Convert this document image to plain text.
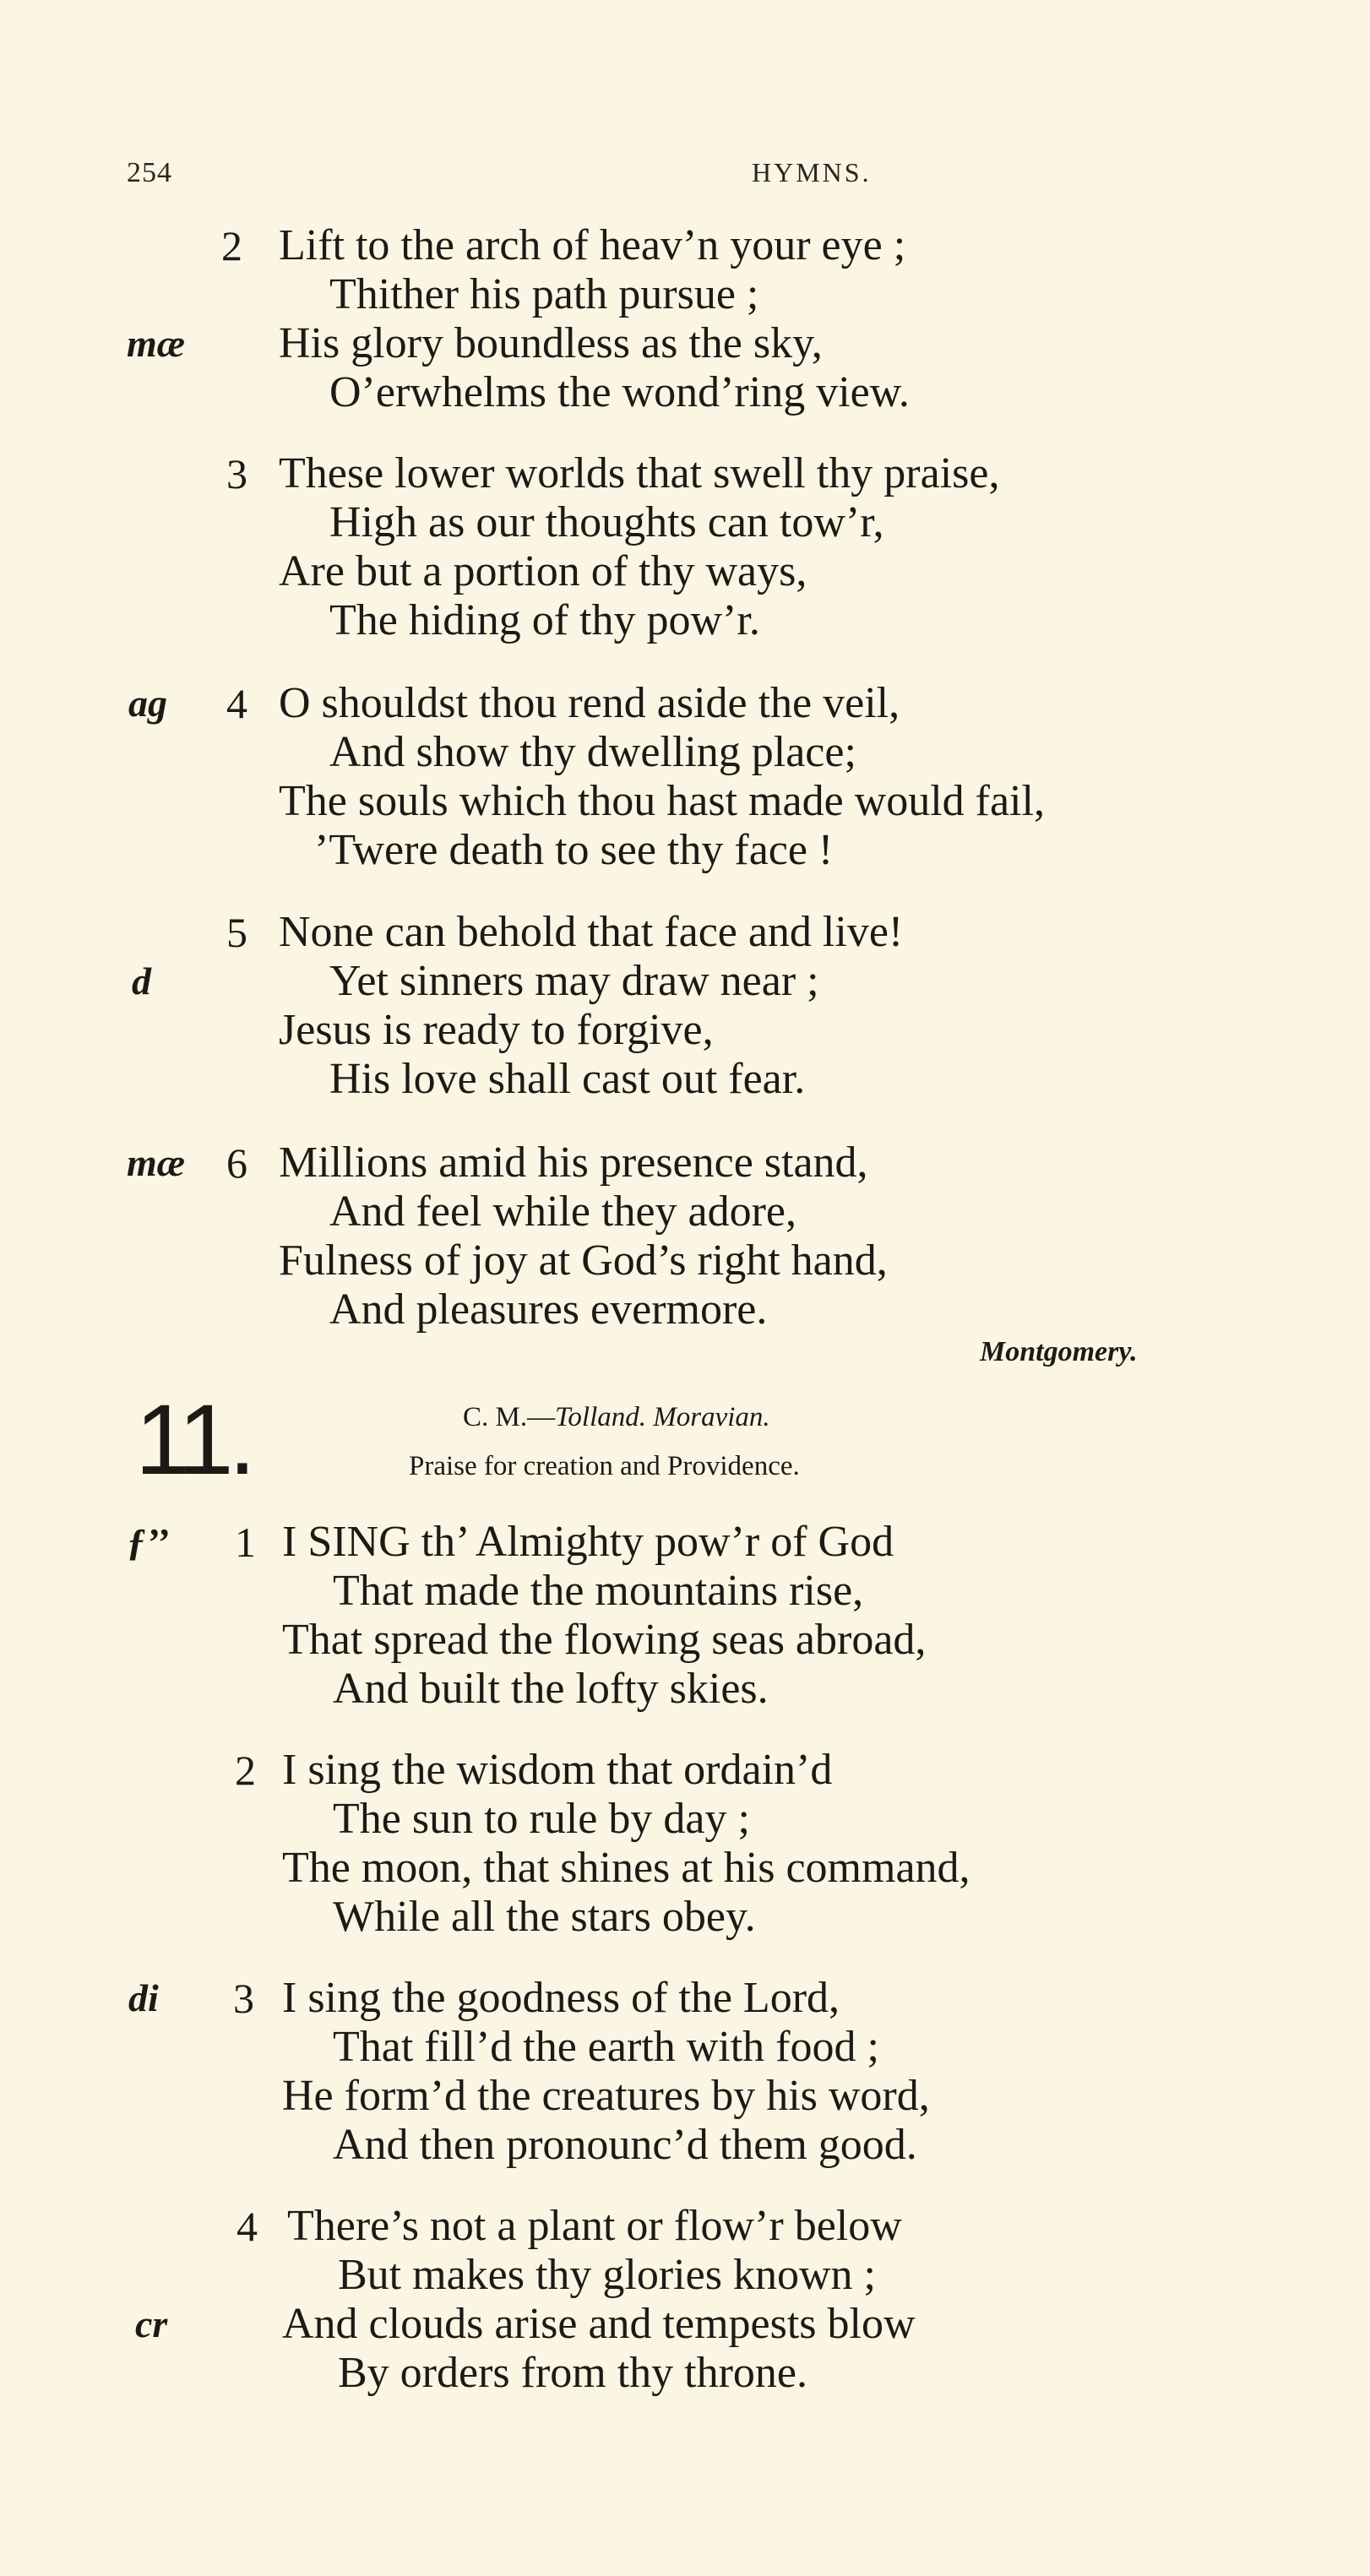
254	HYMNS.
2 Lift to the arch of heav’n your eye ;
Thither his path pursue ;
mæ His glory boundless as the sky,
O’erwhelms the wond’ring view.
3 These lower worlds that swell thy praise,
High as our thoughts can tow’r,
Are but a portion of thy ways,
The hiding of thy pow’r.
ag 4 O shouldst thou rend aside the veil,
And show thy dwelling place;
The souls which thou hast made would fail,
’Twere death to see thy face !
5 None can behold that face and live!
d	Yet sinners may draw near ;
Jesus is ready to forgive,
His love shall cast out fear.
mæ 6 Millions amid his presence stand,
And feel while they adore,
Fulness of joy at God’s right hand,
And pleasures evermore.
Montgomery.
11.	C. M.—Tolland. Moravian.
Praise for creation and Providence.
ƒ’’ 1 I SING th’ Almighty pow’r of God
That made the mountains rise,
That spread the flowing seas abroad,
And built the lofty skies.
2 I sing the wisdom that ordain’d
The sun to rule by day ;
The moon, that shines at his command,
While all the stars obey.
di 3 I sing the goodness of the Lord,
That fill’d the earth with food ;
He form’d the creatures by his word,
And then pronounc’d them good.
4 There’s not a plant or flow’r below
But makes thy glories known ;
cr	And clouds arise and tempests blow
By orders from thy throne.
